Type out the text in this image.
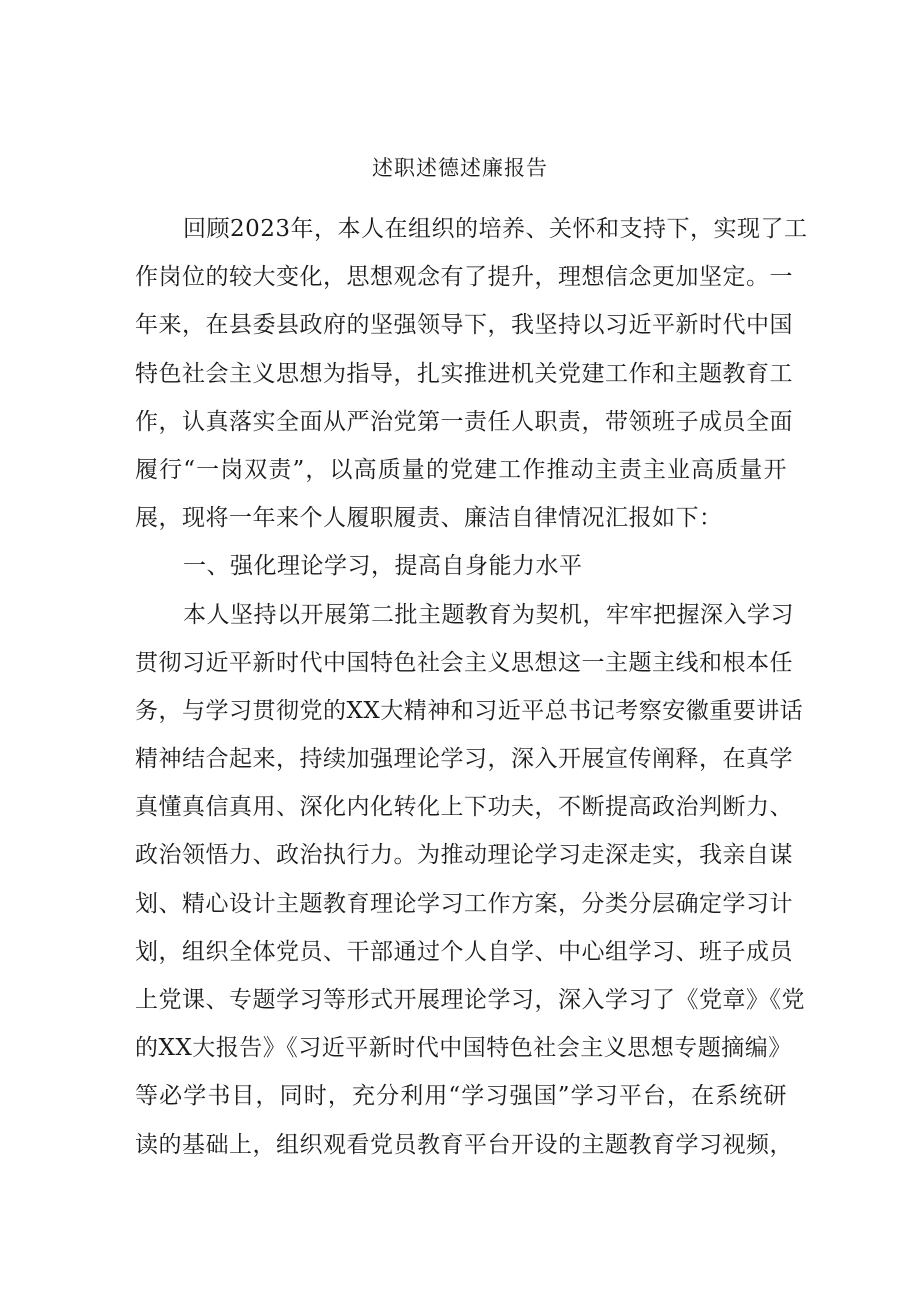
述职述德述廉报告
回顾2023年，本人在组织的培养、关怀和支持下，实现了工
作岗位的较大变化，思想观念有了提升，理想信念更加坚定。一
年来，在县委县政府的坚强领导下，我坚持以习近平新时代中国
特色社会主义思想为指导，扎实推进机关党建工作和主题教育工
作，认真落实全面从严治党第一责任人职责，带领班子成员全面
履行“一岗双责”，以高质量的党建工作推动主责主业高质量开
展，现将一年来个人履职履责、廉洁自律情况汇报如下：
一、强化理论学习，提高自身能力水平
本人坚持以开展第二批主题教育为契机，牢牢把握深入学习
贯彻习近平新时代中国特色社会主义思想这一主题主线和根本任
务，与学习贯彻党的XX大精神和习近平总书记考察安徽重要讲话
精神结合起来，持续加强理论学习，深入开展宣传阐释，在真学
真懂真信真用、深化内化转化上下功夫，不断提高政治判断力、
政治领悟力、政治执行力。为推动理论学习走深走实，我亲自谋
划、精心设计主题教育理论学习工作方案，分类分层确定学习计
划，组织全体党员、干部通过个人自学、中心组学习、班子成员
上党课、专题学习等形式开展理论学习，深入学习了《党章》《党
的XX大报告》《习近平新时代中国特色社会主义思想专题摘编》
等必学书目，同时，充分利用“学习强国”学习平台，在系统研
读的基础上，组织观看党员教育平台开设的主题教育学习视频，
